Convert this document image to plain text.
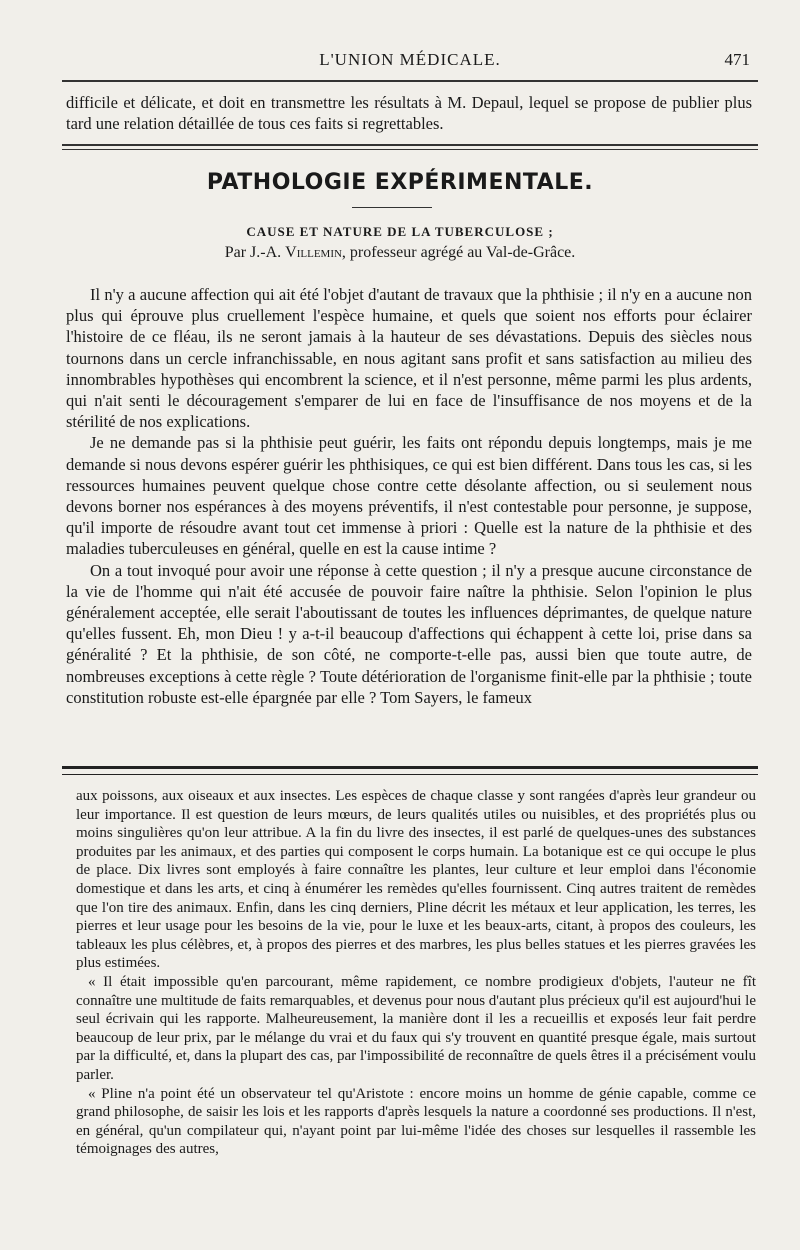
L'UNION MÉDICALE.	471

difficile et délicate, et doit en transmettre les résultats à M. Depaul, lequel se propose de publier plus tard une relation détaillée de tous ces faits si regrettables.

PATHOLOGIE EXPÉRIMENTALE.
CAUSE ET NATURE DE LA TUBERCULOSE ;
Par J.-A. Villemin, professeur agrégé au Val-de-Grâce.

Il n'y a aucune affection qui ait été l'objet d'autant de travaux que la phthisie ; il n'y en a aucune non plus qui éprouve plus cruellement l'espèce humaine, et quels que soient nos efforts pour éclairer l'histoire de ce fléau, ils ne seront jamais à la hauteur de ses dévastations. Depuis des siècles nous tournons dans un cercle infranchissable, en nous agitant sans profit et sans satisfaction au milieu des innombrables hypothèses qui encombrent la science, et il n'est personne, même parmi les plus ardents, qui n'ait senti le découragement s'emparer de lui en face de l'insuffisance de nos moyens et de la stérilité de nos explications.

Je ne demande pas si la phthisie peut guérir, les faits ont répondu depuis longtemps, mais je me demande si nous devons espérer guérir les phthisiques, ce qui est bien différent. Dans tous les cas, si les ressources humaines peuvent quelque chose contre cette désolante affection, ou si seulement nous devons borner nos espérances à des moyens préventifs, il n'est contestable pour personne, je suppose, qu'il importe de résoudre avant tout cet immense à priori : Quelle est la nature de la phthisie et des maladies tuberculeuses en général, quelle en est la cause intime ?

On a tout invoqué pour avoir une réponse à cette question ; il n'y a presque aucune circonstance de la vie de l'homme qui n'ait été accusée de pouvoir faire naître la phthisie. Selon l'opinion le plus généralement acceptée, elle serait l'aboutissant de toutes les influences déprimantes, de quelque nature qu'elles fussent. Eh, mon Dieu ! y a-t-il beaucoup d'affections qui échappent à cette loi, prise dans sa généralité ? Et la phthisie, de son côté, ne comporte-t-elle pas, aussi bien que toute autre, de nombreuses exceptions à cette règle ? Toute détérioration de l'organisme finit-elle par la phthisie ; toute constitution robuste est-elle épargnée par elle ? Tom Sayers, le fameux

aux poissons, aux oiseaux et aux insectes. Les espèces de chaque classe y sont rangées d'après leur grandeur ou leur importance. Il est question de leurs mœurs, de leurs qualités utiles ou nuisibles, et des propriétés plus ou moins singulières qu'on leur attribue. A la fin du livre des insectes, il est parlé de quelques-unes des substances produites par les animaux, et des parties qui composent le corps humain. La botanique est ce qui occupe le plus de place. Dix livres sont employés à faire connaître les plantes, leur culture et leur emploi dans l'économie domestique et dans les arts, et cinq à énumérer les remèdes qu'elles fournissent. Cinq autres traitent de remèdes que l'on tire des animaux. Enfin, dans les cinq derniers, Pline décrit les métaux et leur application, les terres, les pierres et leur usage pour les besoins de la vie, pour le luxe et les beaux-arts, citant, à propos des couleurs, les tableaux les plus célèbres, et, à propos des pierres et des marbres, les plus belles statues et les pierres gravées les plus estimées.

« Il était impossible qu'en parcourant, même rapidement, ce nombre prodigieux d'objets, l'auteur ne fît connaître une multitude de faits remarquables, et devenus pour nous d'autant plus précieux qu'il est aujourd'hui le seul écrivain qui les rapporte. Malheureusement, la manière dont il les a recueillis et exposés leur fait perdre beaucoup de leur prix, par le mélange du vrai et du faux qui s'y trouvent en quantité presque égale, mais surtout par la difficulté, et, dans la plupart des cas, par l'impossibilité de reconnaître de quels êtres il a précisément voulu parler.

« Pline n'a point été un observateur tel qu'Aristote : encore moins un homme de génie capable, comme ce grand philosophe, de saisir les lois et les rapports d'après lesquels la nature a coordonné ses productions. Il n'est, en général, qu'un compilateur qui, n'ayant point par lui-même l'idée des choses sur lesquelles il rassemble les témoignages des autres,
